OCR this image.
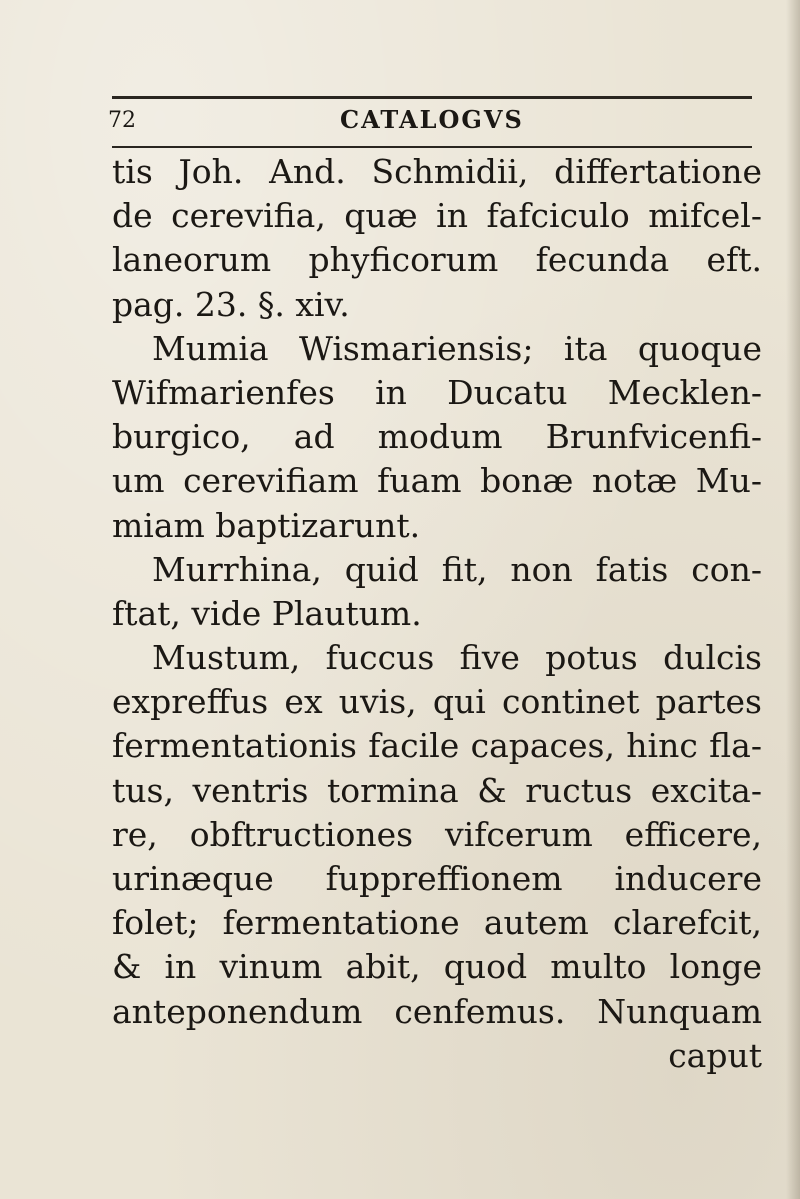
72	CATALOGVS
tis Joh. And. Schmidii, differtatione
de cerevifia, quæ in fafciculo mifcel-
laneorum phyficorum fecunda eft.
pag. 23. §. xiv.
Mumia Wismariensis; ita quoque
Wifmarienfes in Ducatu Mecklen-
burgico, ad modum Brunfvicenfi-
um cerevifiam fuam bonæ notæ Mu-
miam baptizarunt.
Murrhina, quid fit, non fatis con-
ftat, vide Plautum.
Mustum, fuccus five potus dulcis
expreffus ex uvis, qui continet partes
fermentationis facile capaces, hinc fla-
tus, ventris tormina & ructus excita-
re, obftructiones vifcerum efficere,
urinæque fuppreffionem inducere
folet; fermentatione autem clarefcit,
& in vinum abit, quod multo longe
anteponendum cenfemus. Nunquam
caput
